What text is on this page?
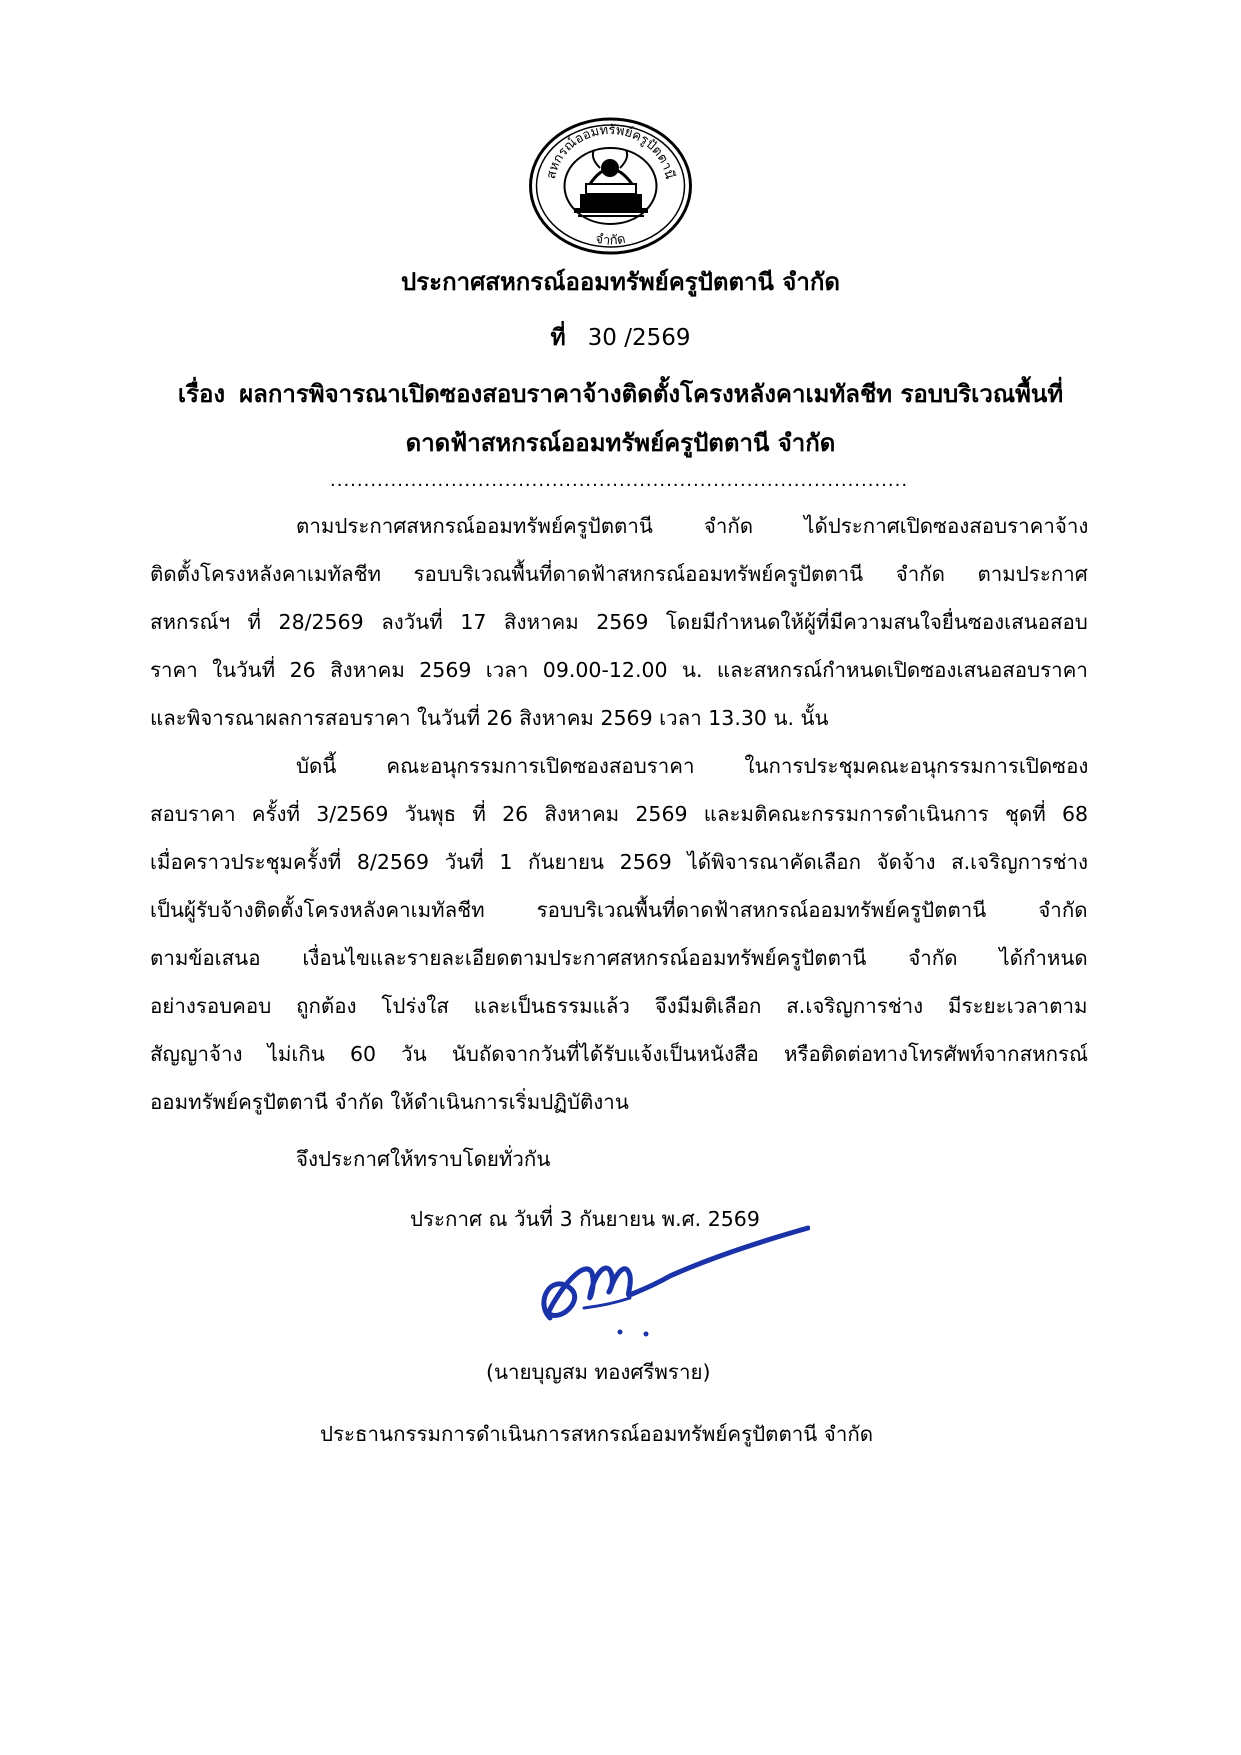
สหกรณ์ออมทรัพย์ครูปัตตานี
จำกัด
ประกาศสหกรณ์ออมทรัพย์ครูปัตตานี จำกัด
ที่ 30 /2569
เรื่อง ผลการพิจารณาเปิดซองสอบราคาจ้างติดตั้งโครงหลังคาเมทัลชีท รอบบริเวณพื้นที่
ดาดฟ้าสหกรณ์ออมทรัพย์ครูปัตตานี จำกัด
......................................................................................
ตามประกาศสหกรณ์ออมทรัพย์ครูปัตตานี จำกัด ได้ประกาศเปิดซองสอบราคาจ้าง
ติดตั้งโครงหลังคาเมทัลชีท รอบบริเวณพื้นที่ดาดฟ้าสหกรณ์ออมทรัพย์ครูปัตตานี จำกัด ตามประกาศ
สหกรณ์ฯ ที่ 28/2569 ลงวันที่ 17 สิงหาคม 2569 โดยมีกำหนดให้ผู้ที่มีความสนใจยื่นซองเสนอสอบ
ราคา ในวันที่ 26 สิงหาคม 2569 เวลา 09.00-12.00 น. และสหกรณ์กำหนดเปิดซองเสนอสอบราคา
และพิจารณาผลการสอบราคา ในวันที่ 26 สิงหาคม 2569 เวลา 13.30 น. นั้น
บัดนี้ คณะอนุกรรมการเปิดซองสอบราคา ในการประชุมคณะอนุกรรมการเปิดซอง
สอบราคา ครั้งที่ 3/2569 วันพุธ ที่ 26 สิงหาคม 2569 และมติคณะกรรมการดำเนินการ ชุดที่ 68
เมื่อคราวประชุมครั้งที่ 8/2569 วันที่ 1 กันยายน 2569 ได้พิจารณาคัดเลือก จัดจ้าง ส.เจริญการช่าง
เป็นผู้รับจ้างติดตั้งโครงหลังคาเมทัลชีท รอบบริเวณพื้นที่ดาดฟ้าสหกรณ์ออมทรัพย์ครูปัตตานี จำกัด
ตามข้อเสนอ เงื่อนไขและรายละเอียดตามประกาศสหกรณ์ออมทรัพย์ครูปัตตานี จำกัด ได้กำหนด
อย่างรอบคอบ ถูกต้อง โปร่งใส และเป็นธรรมแล้ว จึงมีมติเลือก ส.เจริญการช่าง มีระยะเวลาตาม
สัญญาจ้าง ไม่เกิน 60 วัน นับถัดจากวันที่ได้รับแจ้งเป็นหนังสือ หรือติดต่อทางโทรศัพท์จากสหกรณ์
ออมทรัพย์ครูปัตตานี จำกัด ให้ดำเนินการเริ่มปฏิบัติงาน
จึงประกาศให้ทราบโดยทั่วกัน
ประกาศ ณ วันที่ 3 กันยายน พ.ศ. 2569
(นายบุญสม ทองศรีพราย)
ประธานกรรมการดำเนินการสหกรณ์ออมทรัพย์ครูปัตตานี จำกัด
